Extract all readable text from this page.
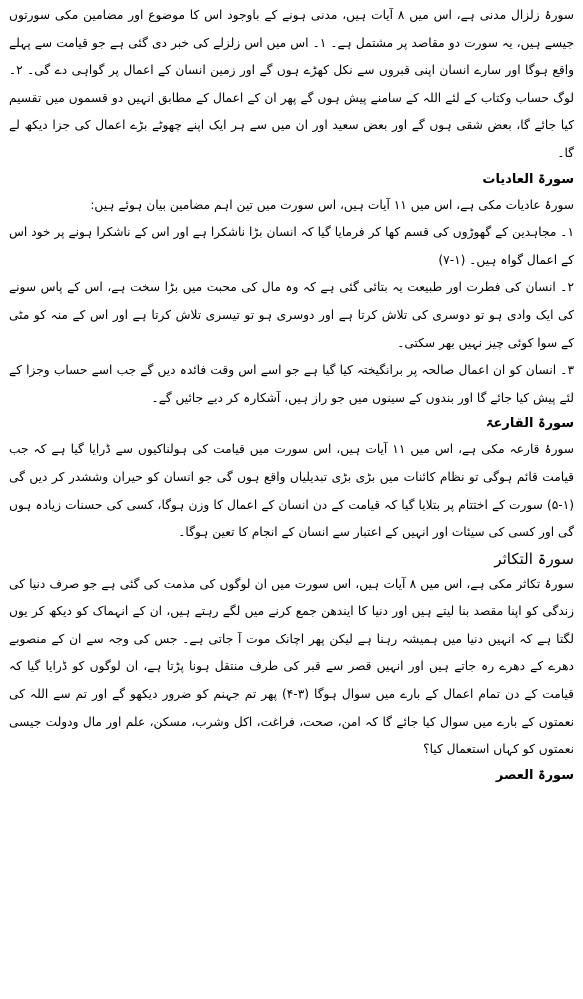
سورۂ زلزال مدنی ہے، اس میں ۸ آیات ہیں، مدنی ہونے کے باوجود اس کا موضوع اور مضامین مکی سورتوں جیسے ہیں، یہ سورت دو مقاصد پر مشتمل ہے۔ ۱۔ اس میں اس زلزلے کی خبر دی گئی ہے جو قیامت سے پہلے واقع ہوگا اور سارے انسان اپنی قبروں سے نکل کھڑے ہوں گے اور زمین انسان کے اعمال پر گواہی دے گی۔ ۲۔ لوگ حساب وکتاب کے لئے اللہ کے سامنے پیش ہوں گے پھر ان کے اعمال کے مطابق انہیں دو قسموں میں تقسیم کیا جائے گا، بعض شقی ہوں گے اور بعض سعید اور ان میں سے ہر ایک اپنے چھوٹے بڑے اعمال کی جزا دیکھ لے گا۔

سورۃ العادیات

سورۂ عادیات مکی ہے، اس میں ۱۱ آیات ہیں، اس سورت میں تین اہم مضامین بیان ہوئے ہیں:

۱۔ مجاہدین کے گھوڑوں کی قسم کھا کر فرمایا گیا کہ انسان بڑا ناشکرا ہے اور اس کے ناشکرا ہونے پر خود اس کے اعمال گواہ ہیں۔ (۱-۷)

۲۔ انسان کی فطرت اور طبیعت یہ بتائی گئی ہے کہ وہ مال کی محبت میں بڑا سخت ہے، اس کے پاس سونے کی ایک وادی ہو تو دوسری کی تلاش کرتا ہے اور دوسری ہو تو تیسری تلاش کرتا ہے اور اس کے منہ کو مٹی کے سوا کوئی چیز نہیں بھر سکتی۔

۳۔ انسان کو ان اعمال صالحہ پر برانگیختہ کیا گیا ہے جو اسے اس وقت فائدہ دیں گے جب اسے حساب وجزا کے لئے پیش کیا جائے گا اور بندوں کے سینوں میں جو راز ہیں، آشکارہ کر دیے جائیں گے۔

سورۃ القارعۃ

سورۂ قارعہ مکی ہے، اس میں ۱۱ آیات ہیں، اس سورت میں قیامت کی ہولناکیوں سے ڈرایا گیا ہے کہ جب قیامت قائم ہوگی تو نظام کائنات میں بڑی بڑی تبدیلیاں واقع ہوں گی جو انسان کو حیران وششدر کر دیں گی (۱-۵) سورت کے اختتام پر بتلایا گیا کہ قیامت کے دن انسان کے اعمال کا وزن ہوگا، کسی کی حسنات زیادہ ہوں گی اور کسی کی سیئات اور انہیں کے اعتبار سے انسان کے انجام کا تعین ہوگا۔

سورۃ التکاثر

سورۂ تکاثر مکی ہے، اس میں ۸ آیات ہیں، اس سورت میں ان لوگوں کی مذمت کی گئی ہے جو صرف دنیا کی زندگی کو اپنا مقصد بنا لیتے ہیں اور دنیا کا ایندھن جمع کرنے میں لگے رہتے ہیں، ان کے انہماک کو دیکھ کر یوں لگتا ہے کہ انہیں دنیا میں ہمیشہ رہنا ہے لیکن پھر اچانک موت آ جاتی ہے۔ جس کی وجہ سے ان کے منصوبے دھرے کے دھرے رہ جاتے ہیں اور انہیں قصر سے قبر کی طرف منتقل ہونا پڑتا ہے، ان لوگوں کو ڈرایا گیا کہ قیامت کے دن تمام اعمال کے بارے میں سوال ہوگا (۳-۴) پھر تم جہنم کو ضرور دیکھو گے اور تم سے اللہ کی نعمتوں کے بارے میں سوال کیا جائے گا کہ امن، صحت، فراغت، اکل وشرب، مسکن، علم اور مال ودولت جیسی نعمتوں کو کہاں استعمال کیا؟

سورۃ العصر
